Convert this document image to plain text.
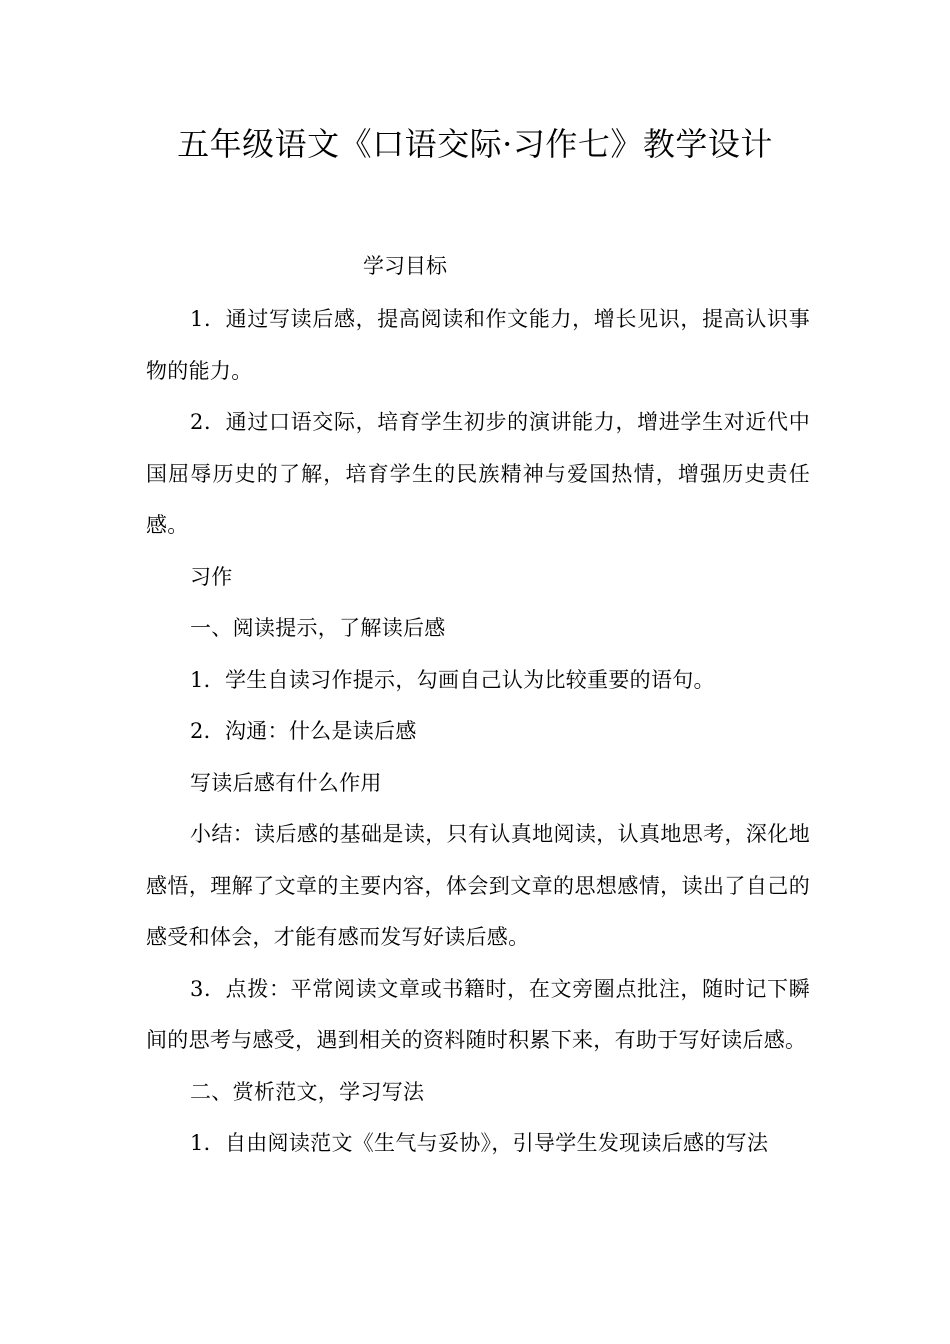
五年级语文《口语交际·习作七》教学设计
学习目标

1．通过写读后感，提高阅读和作文能力，增长见识，提高认识事物的能力。

2．通过口语交际，培育学生初步的演讲能力，增进学生对近代中国屈辱历史的了解，培育学生的民族精神与爱国热情，增强历史责任感。

习作

一、阅读提示，了解读后感

1．学生自读习作提示，勾画自己认为比较重要的语句。

2．沟通：什么是读后感

写读后感有什么作用

小结：读后感的基础是读，只有认真地阅读，认真地思考，深化地感悟，理解了文章的主要内容，体会到文章的思想感情，读出了自己的感受和体会，才能有感而发写好读后感。

3．点拨：平常阅读文章或书籍时，在文旁圈点批注，随时记下瞬间的思考与感受，遇到相关的资料随时积累下来，有助于写好读后感。

二、赏析范文，学习写法

1．自由阅读范文《生气与妥协》，引导学生发现读后感的写法
